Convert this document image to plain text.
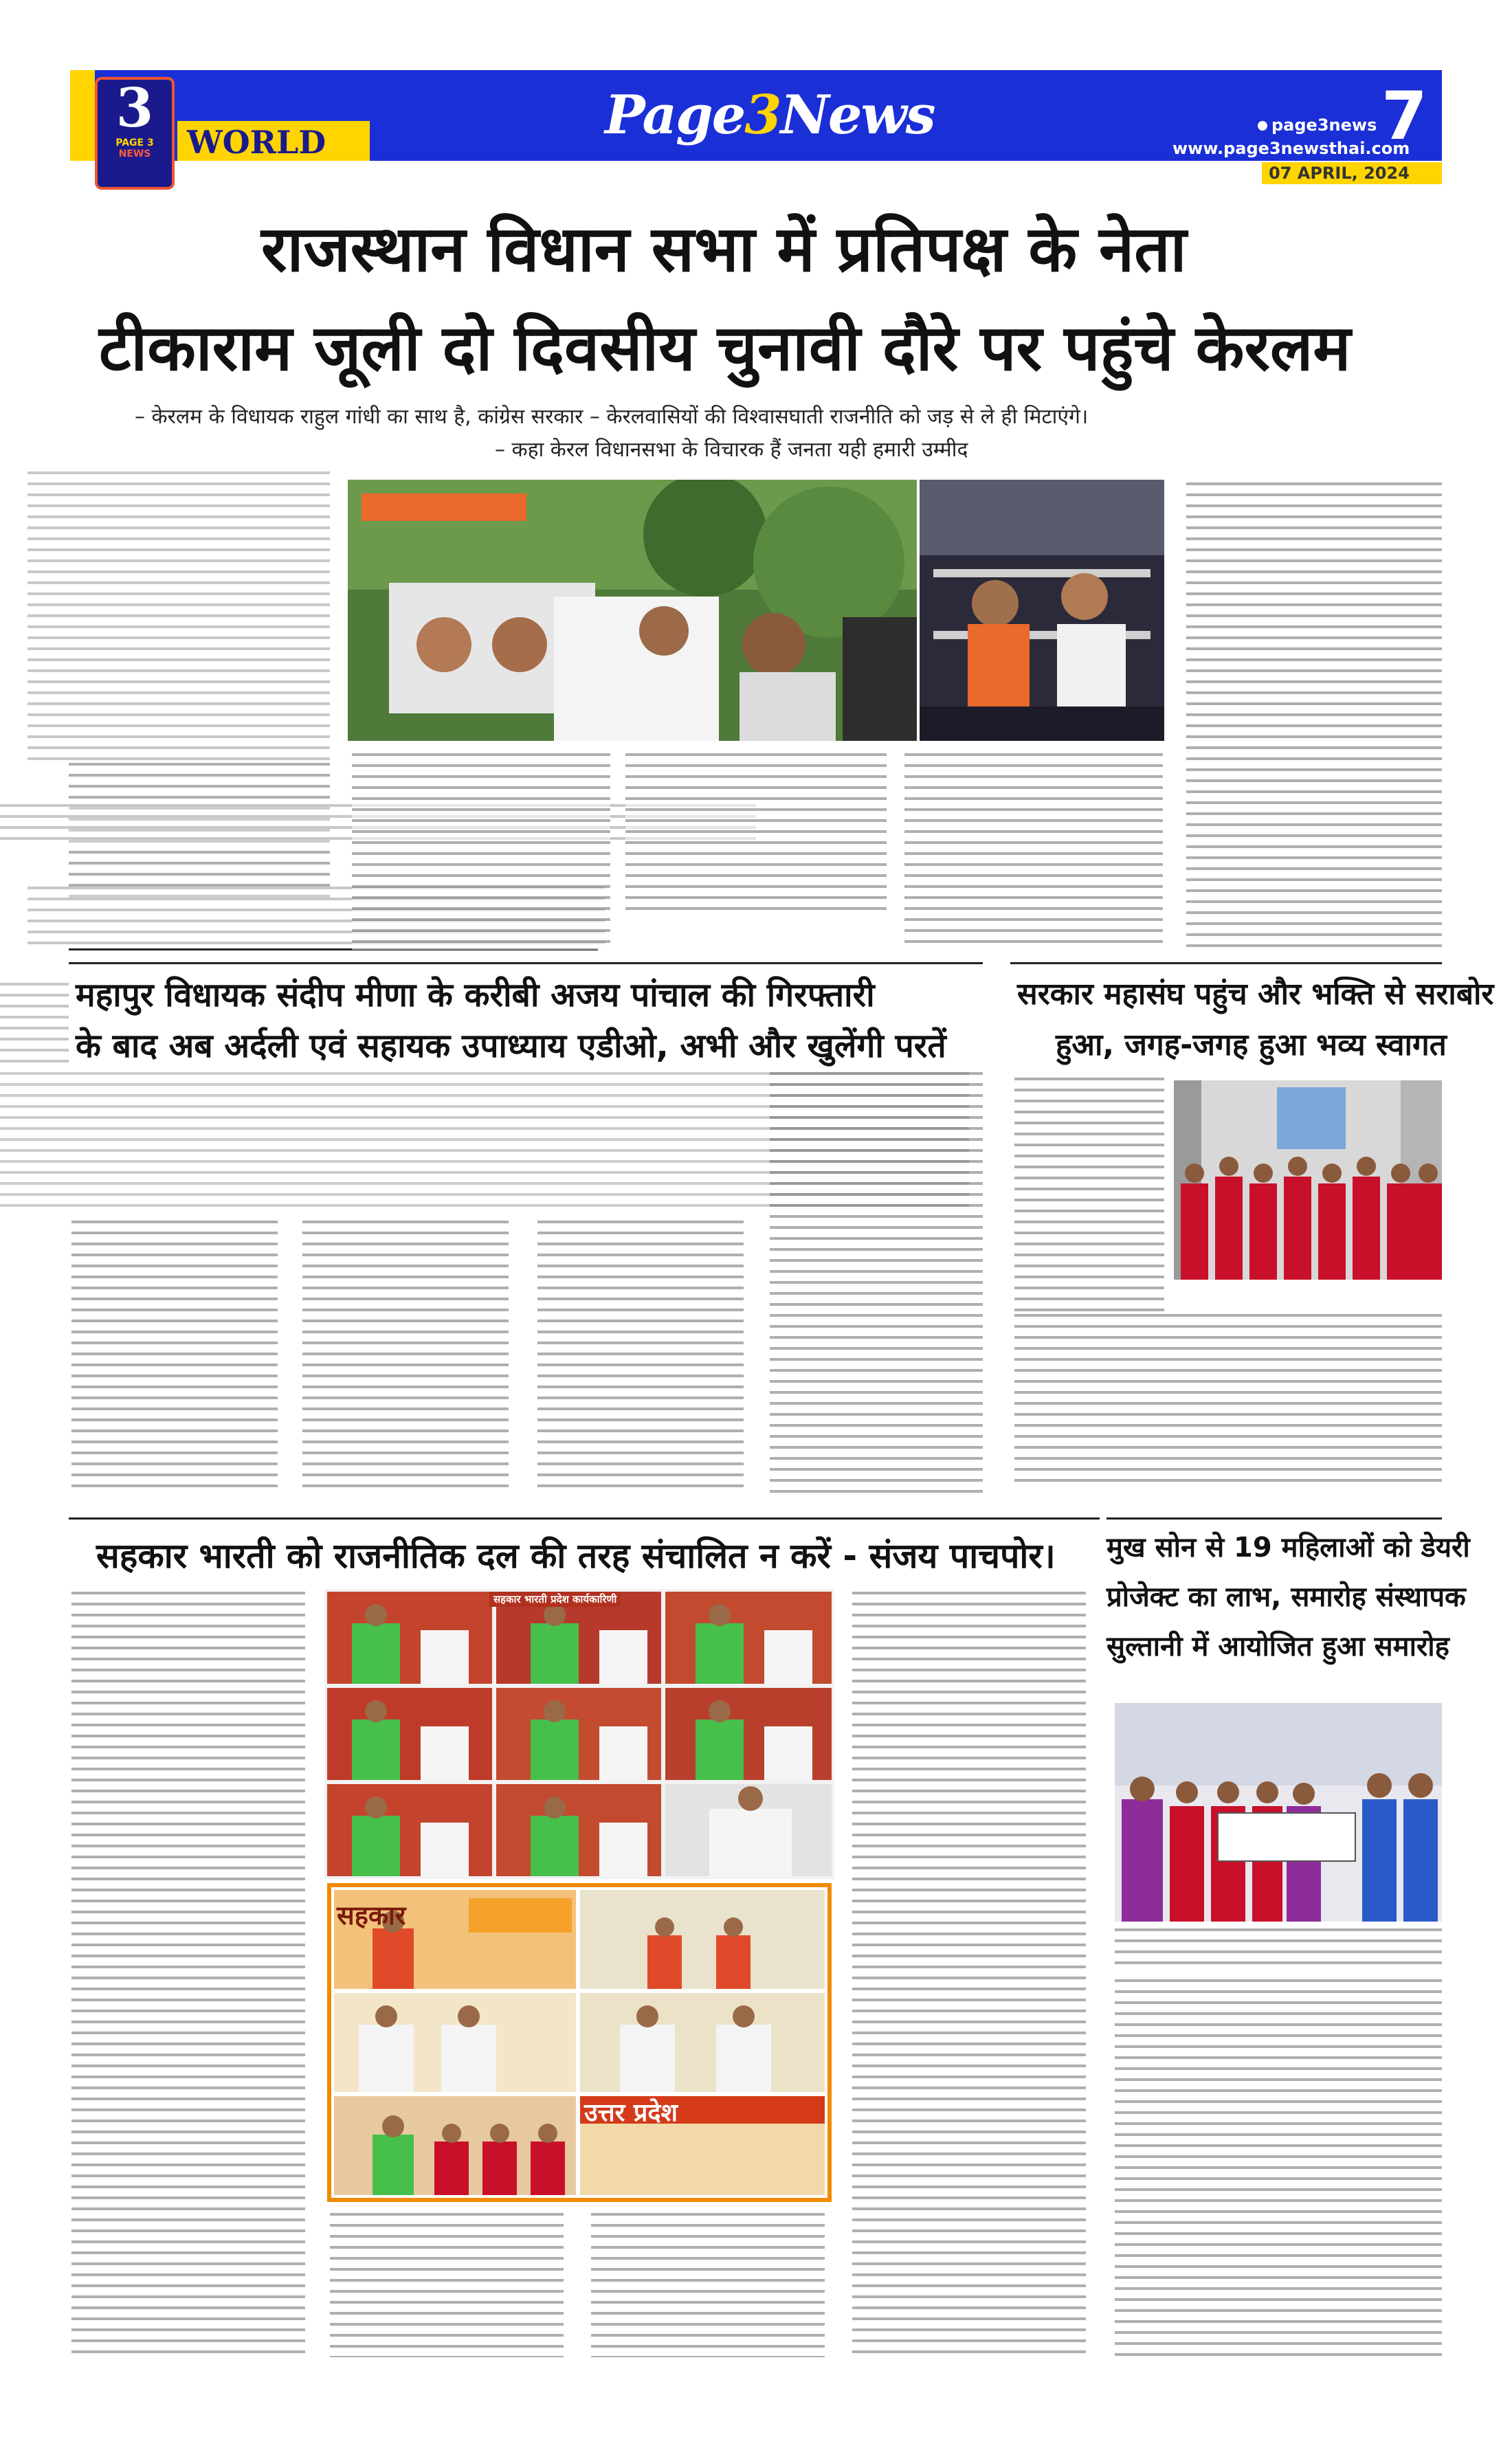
3
PAGE 3
NEWS	WORLD	Page3News	page3news
www.page3newsthai.com
7
07 APRIL, 2024
राजस्थान विधान सभा में प्रतिपक्ष के नेता
टीकाराम जूली दो दिवसीय चुनावी दौरे पर पहुंचे केरलम
– केरलम के विधायक राहुल गांधी का साथ है, कांग्रेस सरकार – केरलवासियों की विश्वासघाती राजनीति को जड़ से ले ही मिटाएंगे।
– कहा केरल विधानसभा के विचारक हैं जनता यही हमारी उम्मीद
महापुर विधायक संदीप मीणा के करीबी अजय पांचाल की गिरफ्तारी
के बाद अब अर्दली एवं सहायक उपाध्याय एडीओ, अभी और खुलेंगी परतें
सरकार महासंघ पहुंच और भक्ति से सराबोर
हुआ, जगह-जगह हुआ भव्य स्वागत
सहकार भारती को राजनीतिक दल की तरह संचालित न करें - संजय पाचपोर।
सहकार भारती प्रदेश कार्यकारिणी
सहकार
उत्तर प्रदेश
मुख सोन से 19 महिलाओं को डेयरी
प्रोजेक्ट का लाभ, समारोह संस्थापक
सुल्तानी में आयोजित हुआ समारोह
